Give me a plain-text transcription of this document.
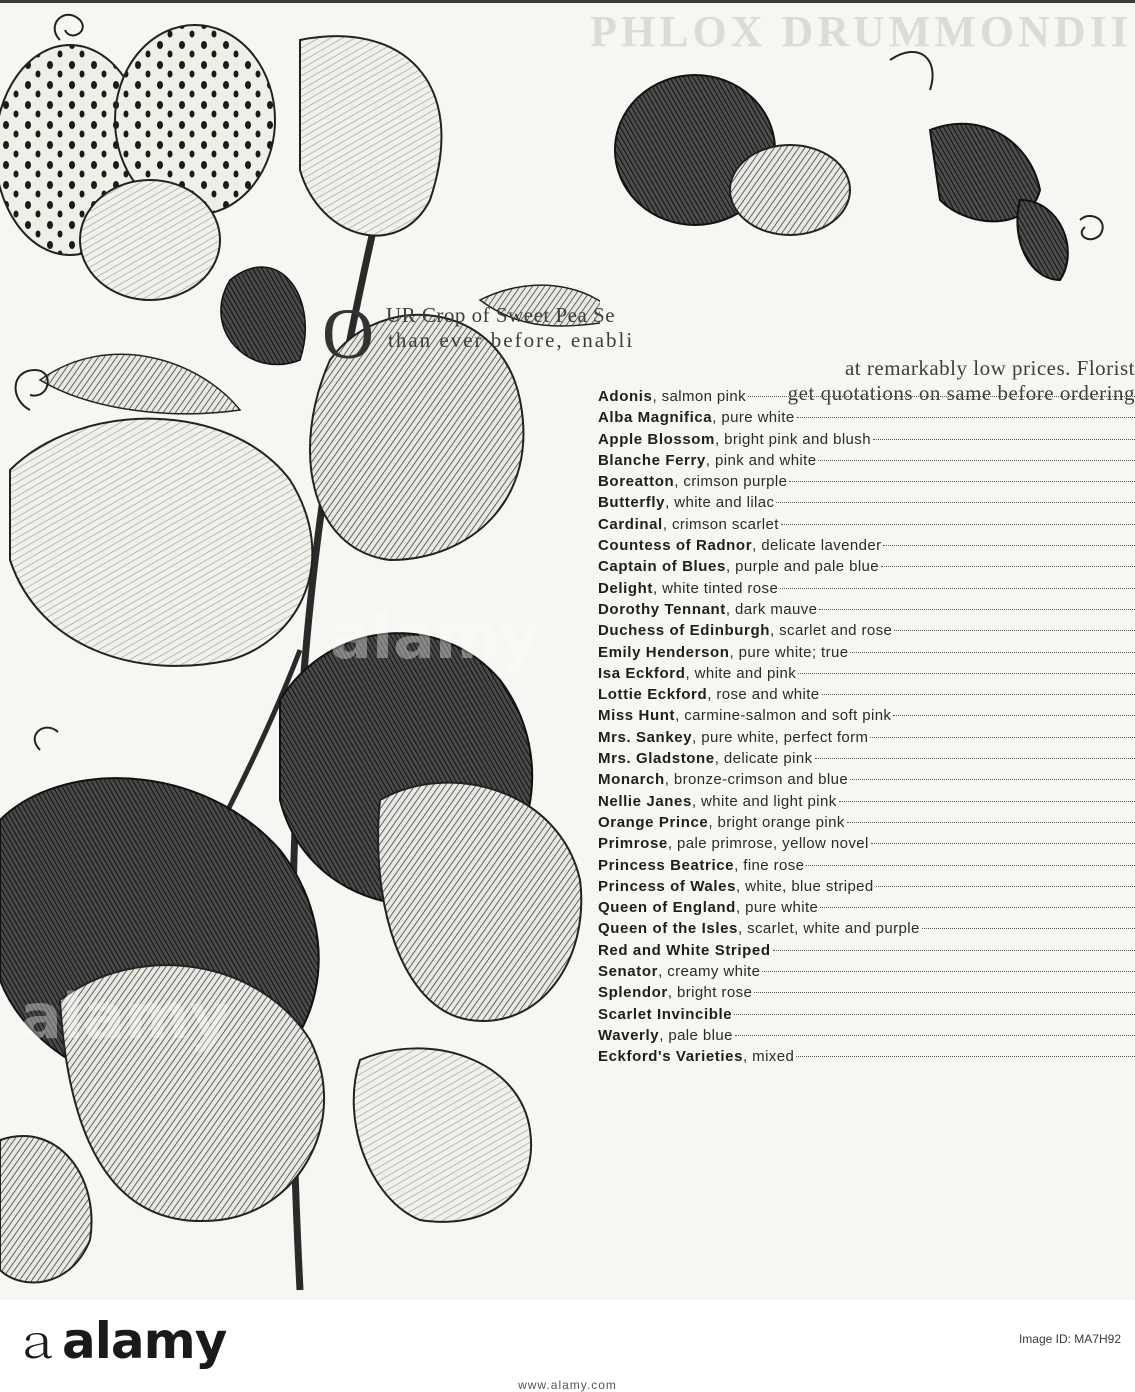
PHLOX DRUMMONDII
O UR Crop of Sweet Pea Se
than ever before, enabli
at remarkably low prices. Florist
get quotations on same before ordering
Adonis , salmon pink
Alba Magnifica , pure white
Apple Blossom , bright pink and blush
Blanche Ferry , pink and white
Boreatton , crimson purple
Butterfly , white and lilac
Cardinal , crimson scarlet
Countess of Radnor , delicate lavender
Captain of Blues , purple and pale blue
Delight , white tinted rose
Dorothy Tennant , dark mauve
Duchess of Edinburgh , scarlet and rose
Emily Henderson , pure white; true
Isa Eckford , white and pink
Lottie Eckford , rose and white
Miss Hunt , carmine-salmon and soft pink
Mrs. Sankey , pure white, perfect form
Mrs. Gladstone , delicate pink
Monarch , bronze-crimson and blue
Nellie Janes , white and light pink
Orange Prince , bright orange pink
Primrose , pale primrose, yellow novel
Princess Beatrice , fine rose
Princess of Wales , white, blue striped
Queen of England , pure white
Queen of the Isles , scarlet, white and purple
Red and White Striped
Senator , creamy white
Splendor , bright rose
Scarlet Invincible
Waverly , pale blue
Eckford's Varieties , mixed
alamy
alamy
ａalamy	Image ID: MA7H92
www.alamy.com
